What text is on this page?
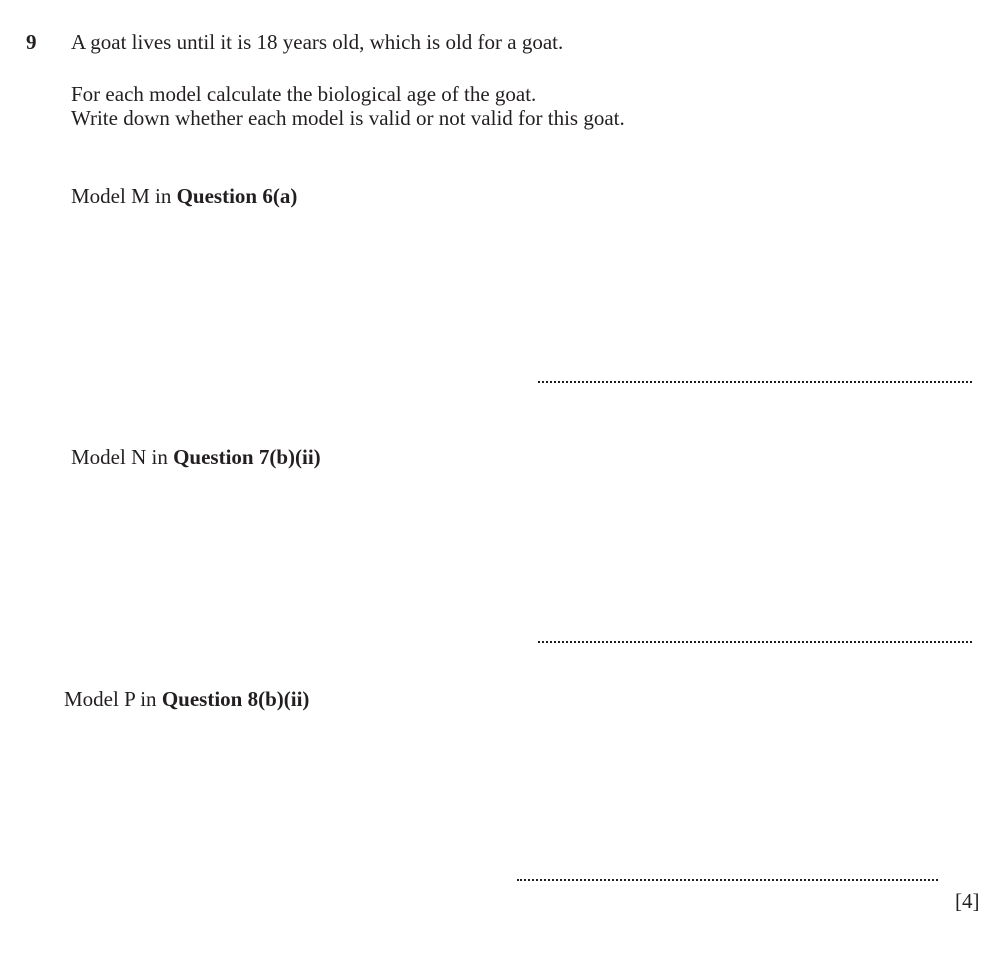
9 A goat lives until it is 18 years old, which is old for a goat.
For each model calculate the biological age of the goat.
Write down whether each model is valid or not valid for this goat.
Model M in Question 6(a)
Model N in Question 7(b)(ii)
Model P in Question 8(b)(ii)
[4]
